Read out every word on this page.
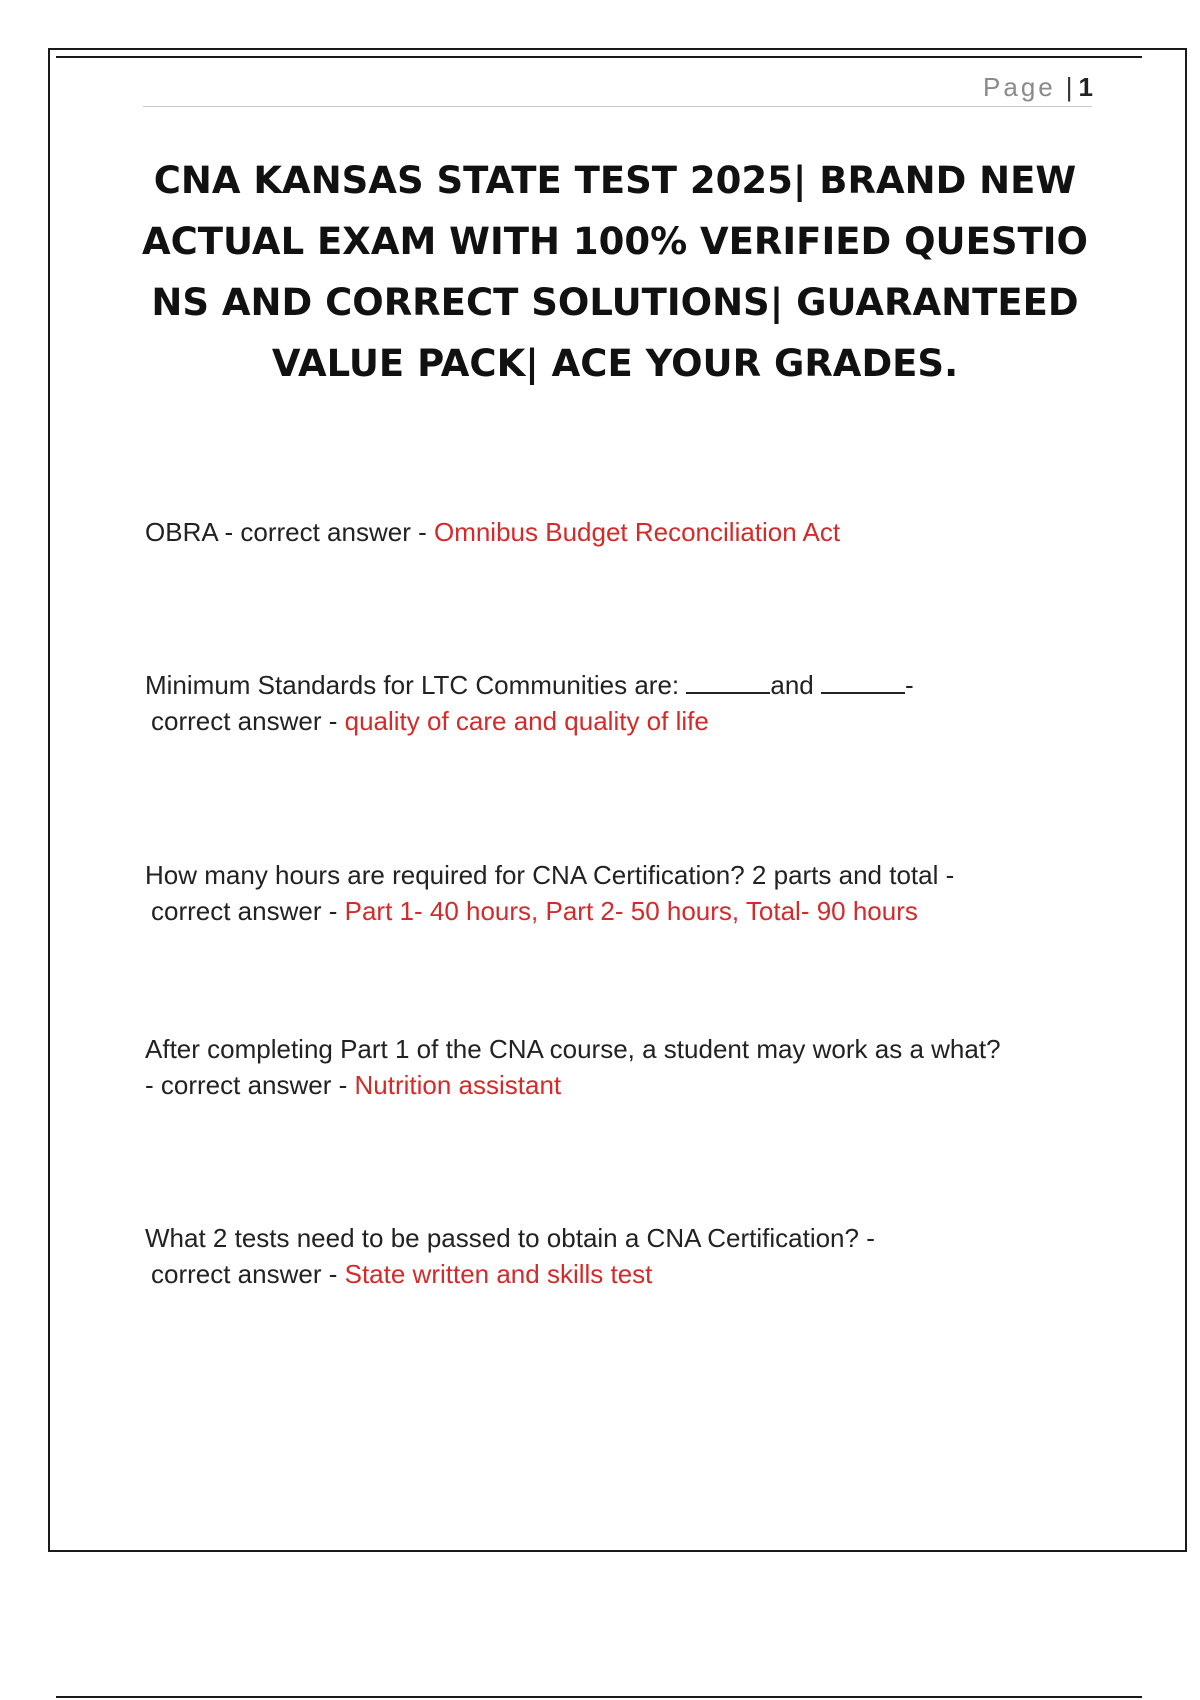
Page | 1
CNA KANSAS STATE TEST 2025| BRAND NEW ACTUAL EXAM WITH 100% VERIFIED QUESTIONS AND CORRECT SOLUTIONS| GUARANTEED VALUE PACK| ACE YOUR GRADES.
OBRA - correct answer - Omnibus Budget Reconciliation Act
Minimum Standards for LTC Communities are:	and	-
correct answer - quality of care and quality of life
How many hours are required for CNA Certification? 2 parts and total -
correct answer - Part 1- 40 hours, Part 2- 50 hours, Total- 90 hours
After completing Part 1 of the CNA course, a student may work as a what?
- correct answer - Nutrition assistant
What 2 tests need to be passed to obtain a CNA Certification? -
correct answer - State written and skills test
